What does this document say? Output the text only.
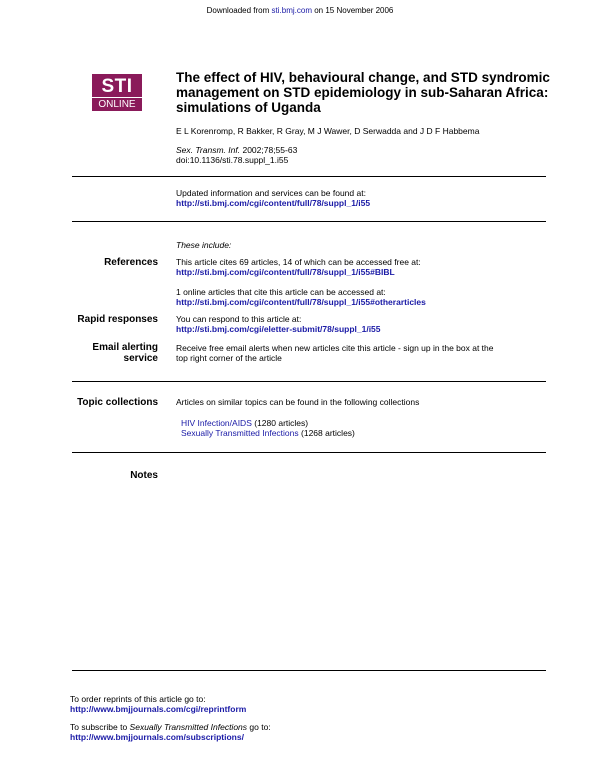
Downloaded from sti.bmj.com on 15 November 2006
STI
ONLINE
The effect of HIV, behavioural change, and STD syndromic management on STD epidemiology in sub-Saharan Africa: simulations of Uganda
E L Korenromp, R Bakker, R Gray, M J Wawer, D Serwadda and J D F Habbema
Sex. Transm. Inf. 2002;78;55-63
doi:10.1136/sti.78.suppl_1.i55
Updated information and services can be found at:
http://sti.bmj.com/cgi/content/full/78/suppl_1/i55
These include:
References This article cites 69 articles, 14 of which can be accessed free at:
http://sti.bmj.com/cgi/content/full/78/suppl_1/i55#BIBL
1 online articles that cite this article can be accessed at:
http://sti.bmj.com/cgi/content/full/78/suppl_1/i55#otherarticles
Rapid responses You can respond to this article at:
http://sti.bmj.com/cgi/eletter-submit/78/suppl_1/i55
Email alerting
service
Receive free email alerts when new articles cite this article - sign up in the box at the
top right corner of the article
Topic collections Articles on similar topics can be found in the following collections
HIV Infection/AIDS (1280 articles)
Sexually Transmitted Infections (1268 articles)
Notes
To order reprints of this article go to:
http://www.bmjjournals.com/cgi/reprintform
To subscribe to Sexually Transmitted Infections go to:
http://www.bmjjournals.com/subscriptions/
